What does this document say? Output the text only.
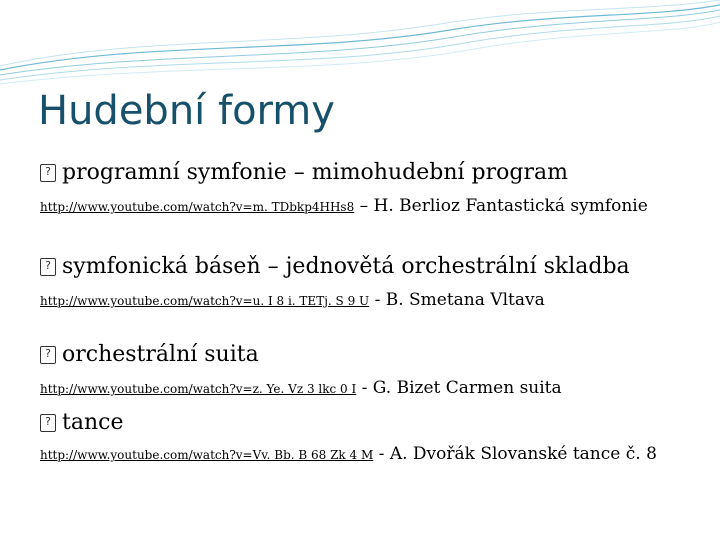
Hudební formy
? programní symfonie – mimohudební program
http://www.youtube.com/watch?v=m. TDbkp4HHs8 – H. Berlioz Fantastická symfonie
? symfonická báseň – jednovětá orchestrální skladba
http://www.youtube.com/watch?v=u. I 8 i. TETj. S 9 U - B. Smetana Vltava
? orchestrální suita
http://www.youtube.com/watch?v=z. Ye. Vz 3 lkc 0 I - G. Bizet Carmen suita
? tance
http://www.youtube.com/watch?v=Vv. Bb. B 68 Zk 4 M - A. Dvořák Slovanské tance č. 8
